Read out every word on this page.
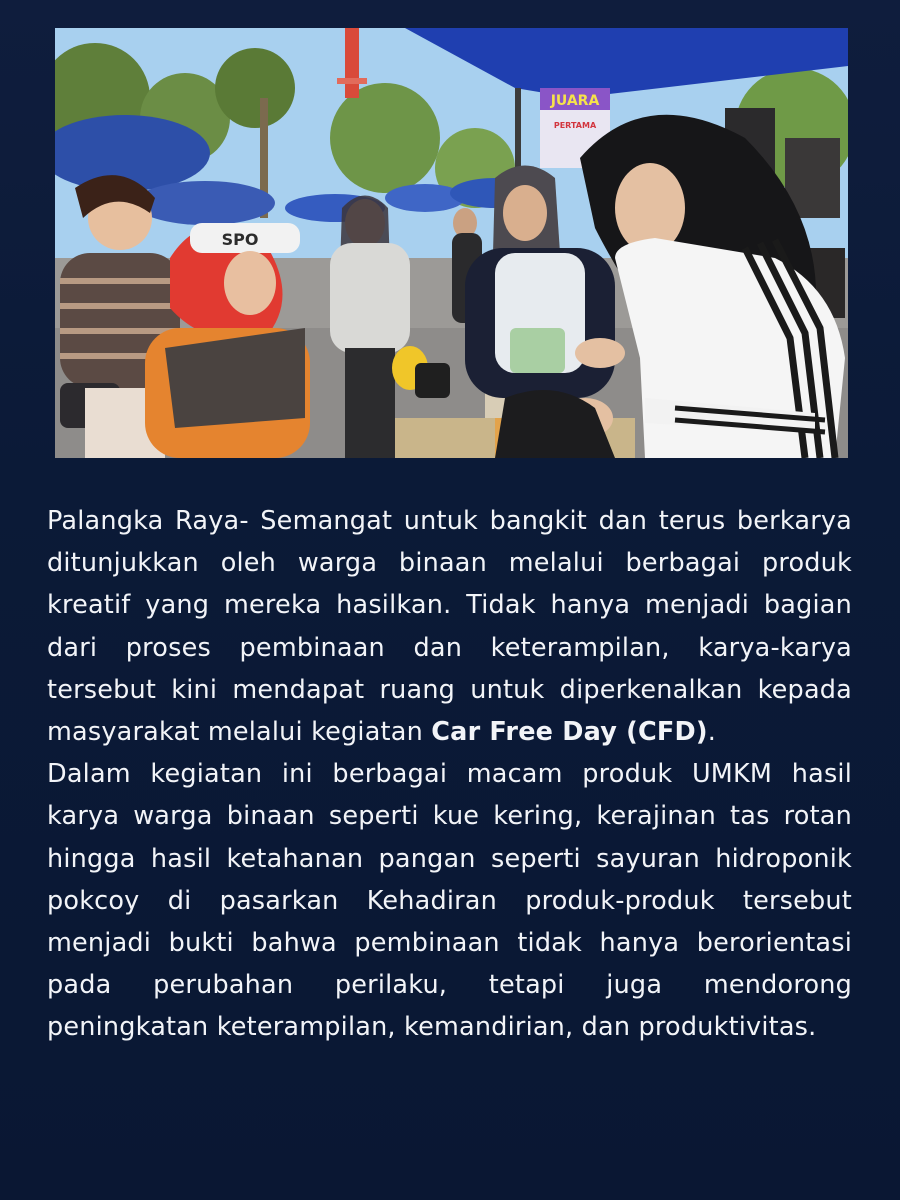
JUARA
PERTAMA
SPO

Palangka Raya- Semangat untuk bangkit dan terus berkarya ditunjukkan oleh warga binaan melalui berbagai produk kreatif yang mereka hasilkan. Tidak hanya menjadi bagian dari proses pembinaan dan keterampilan, karya-karya tersebut kini mendapat ruang untuk diperkenalkan kepada masyarakat melalui kegiatan Car Free Day (CFD).

Dalam kegiatan ini berbagai macam produk UMKM hasil karya warga binaan seperti kue kering, kerajinan tas rotan hingga hasil ketahanan pangan seperti sayuran hidroponik pokcoy di pasarkan Kehadiran produk-produk tersebut menjadi bukti bahwa pembinaan tidak hanya berorientasi pada perubahan perilaku, tetapi juga mendorong peningkatan keterampilan, kemandirian, dan produktivitas.
